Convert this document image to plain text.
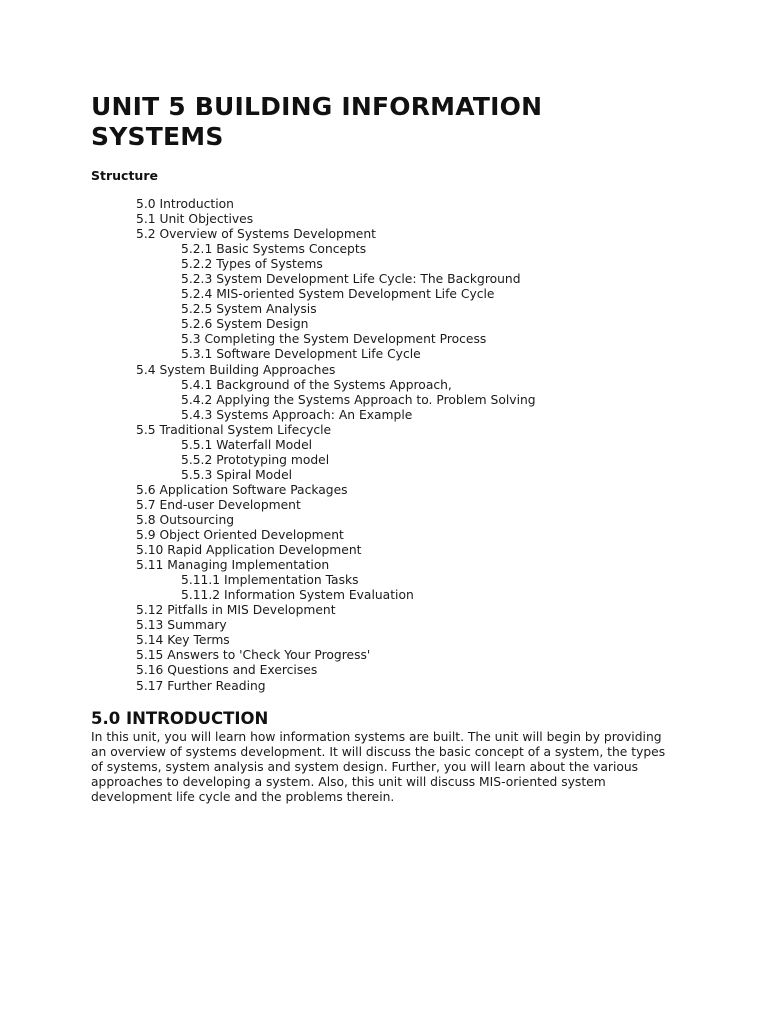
UNIT 5 BUILDING INFORMATION
SYSTEMS

Structure

5.0 Introduction
5.1 Unit Objectives
5.2 Overview of Systems Development
5.2.1 Basic Systems Concepts
5.2.2 Types of Systems
5.2.3 System Development Life Cycle: The Background
5.2.4 MIS-oriented System Development Life Cycle
5.2.5 System Analysis
5.2.6 System Design
5.3 Completing the System Development Process
5.3.1 Software Development Life Cycle
5.4 System Building Approaches
5.4.1 Background of the Systems Approach,
5.4.2 Applying the Systems Approach to. Problem Solving
5.4.3 Systems Approach: An Example
5.5 Traditional System Lifecycle
5.5.1 Waterfall Model
5.5.2 Prototyping model
5.5.3 Spiral Model
5.6 Application Software Packages
5.7 End-user Development
5.8 Outsourcing
5.9 Object Oriented Development
5.10 Rapid Application Development
5.11 Managing Implementation
5.11.1 Implementation Tasks
5.11.2 Information System Evaluation
5.12 Pitfalls in MIS Development
5.13 Summary
5.14 Key Terms
5.15 Answers to 'Check Your Progress'
5.16 Questions and Exercises
5.17 Further Reading
5.0 INTRODUCTION
In this unit, you will learn how information systems are built. The unit will begin by providing
an overview of systems development. It will discuss the basic concept of a system, the types
of systems, system analysis and system design. Further, you will learn about the various
approaches to developing a system. Also, this unit will discuss MIS-oriented system
development life cycle and the problems therein.
